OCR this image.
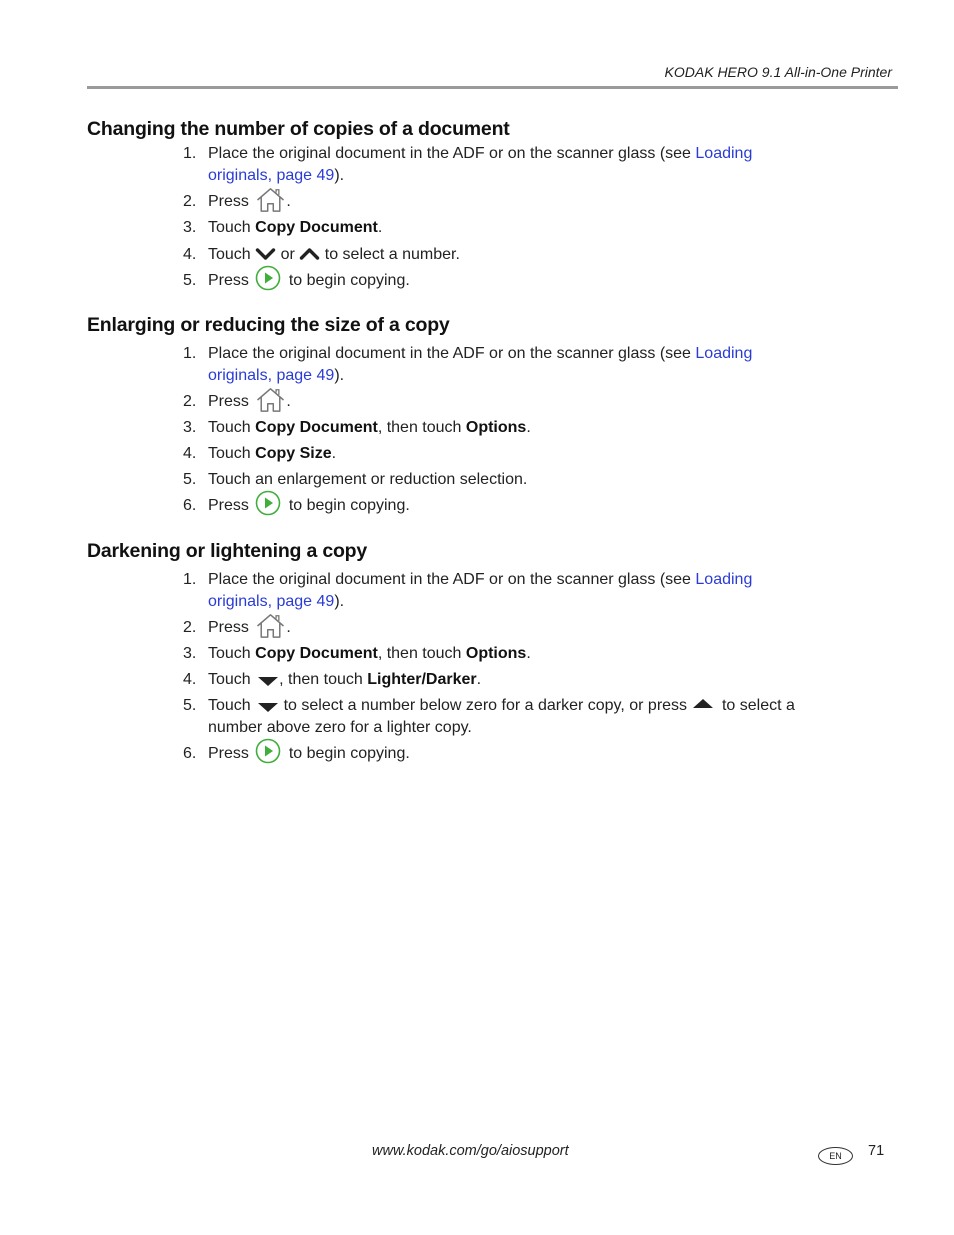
KODAK HERO 9.1 All-in-One Printer
Changing the number of copies of a document
1. Place the original document in the ADF or on the scanner glass (see Loading originals, page 49).
2. Press .
3. Touch Copy Document.
4. Touch or to select a number.
5. Press to begin copying.
Enlarging or reducing the size of a copy
1. Place the original document in the ADF or on the scanner glass (see Loading originals, page 49).
2. Press .
3. Touch Copy Document, then touch Options.
4. Touch Copy Size.
5. Touch an enlargement or reduction selection.
6. Press to begin copying.
Darkening or lightening a copy
1. Place the original document in the ADF or on the scanner glass (see Loading originals, page 49).
2. Press .
3. Touch Copy Document, then touch Options.
4. Touch , then touch Lighter/Darker.
5. Touch to select a number below zero for a darker copy, or press to select a number above zero for a lighter copy.
6. Press to begin copying.
www.kodak.com/go/aiosupport	EN	71
